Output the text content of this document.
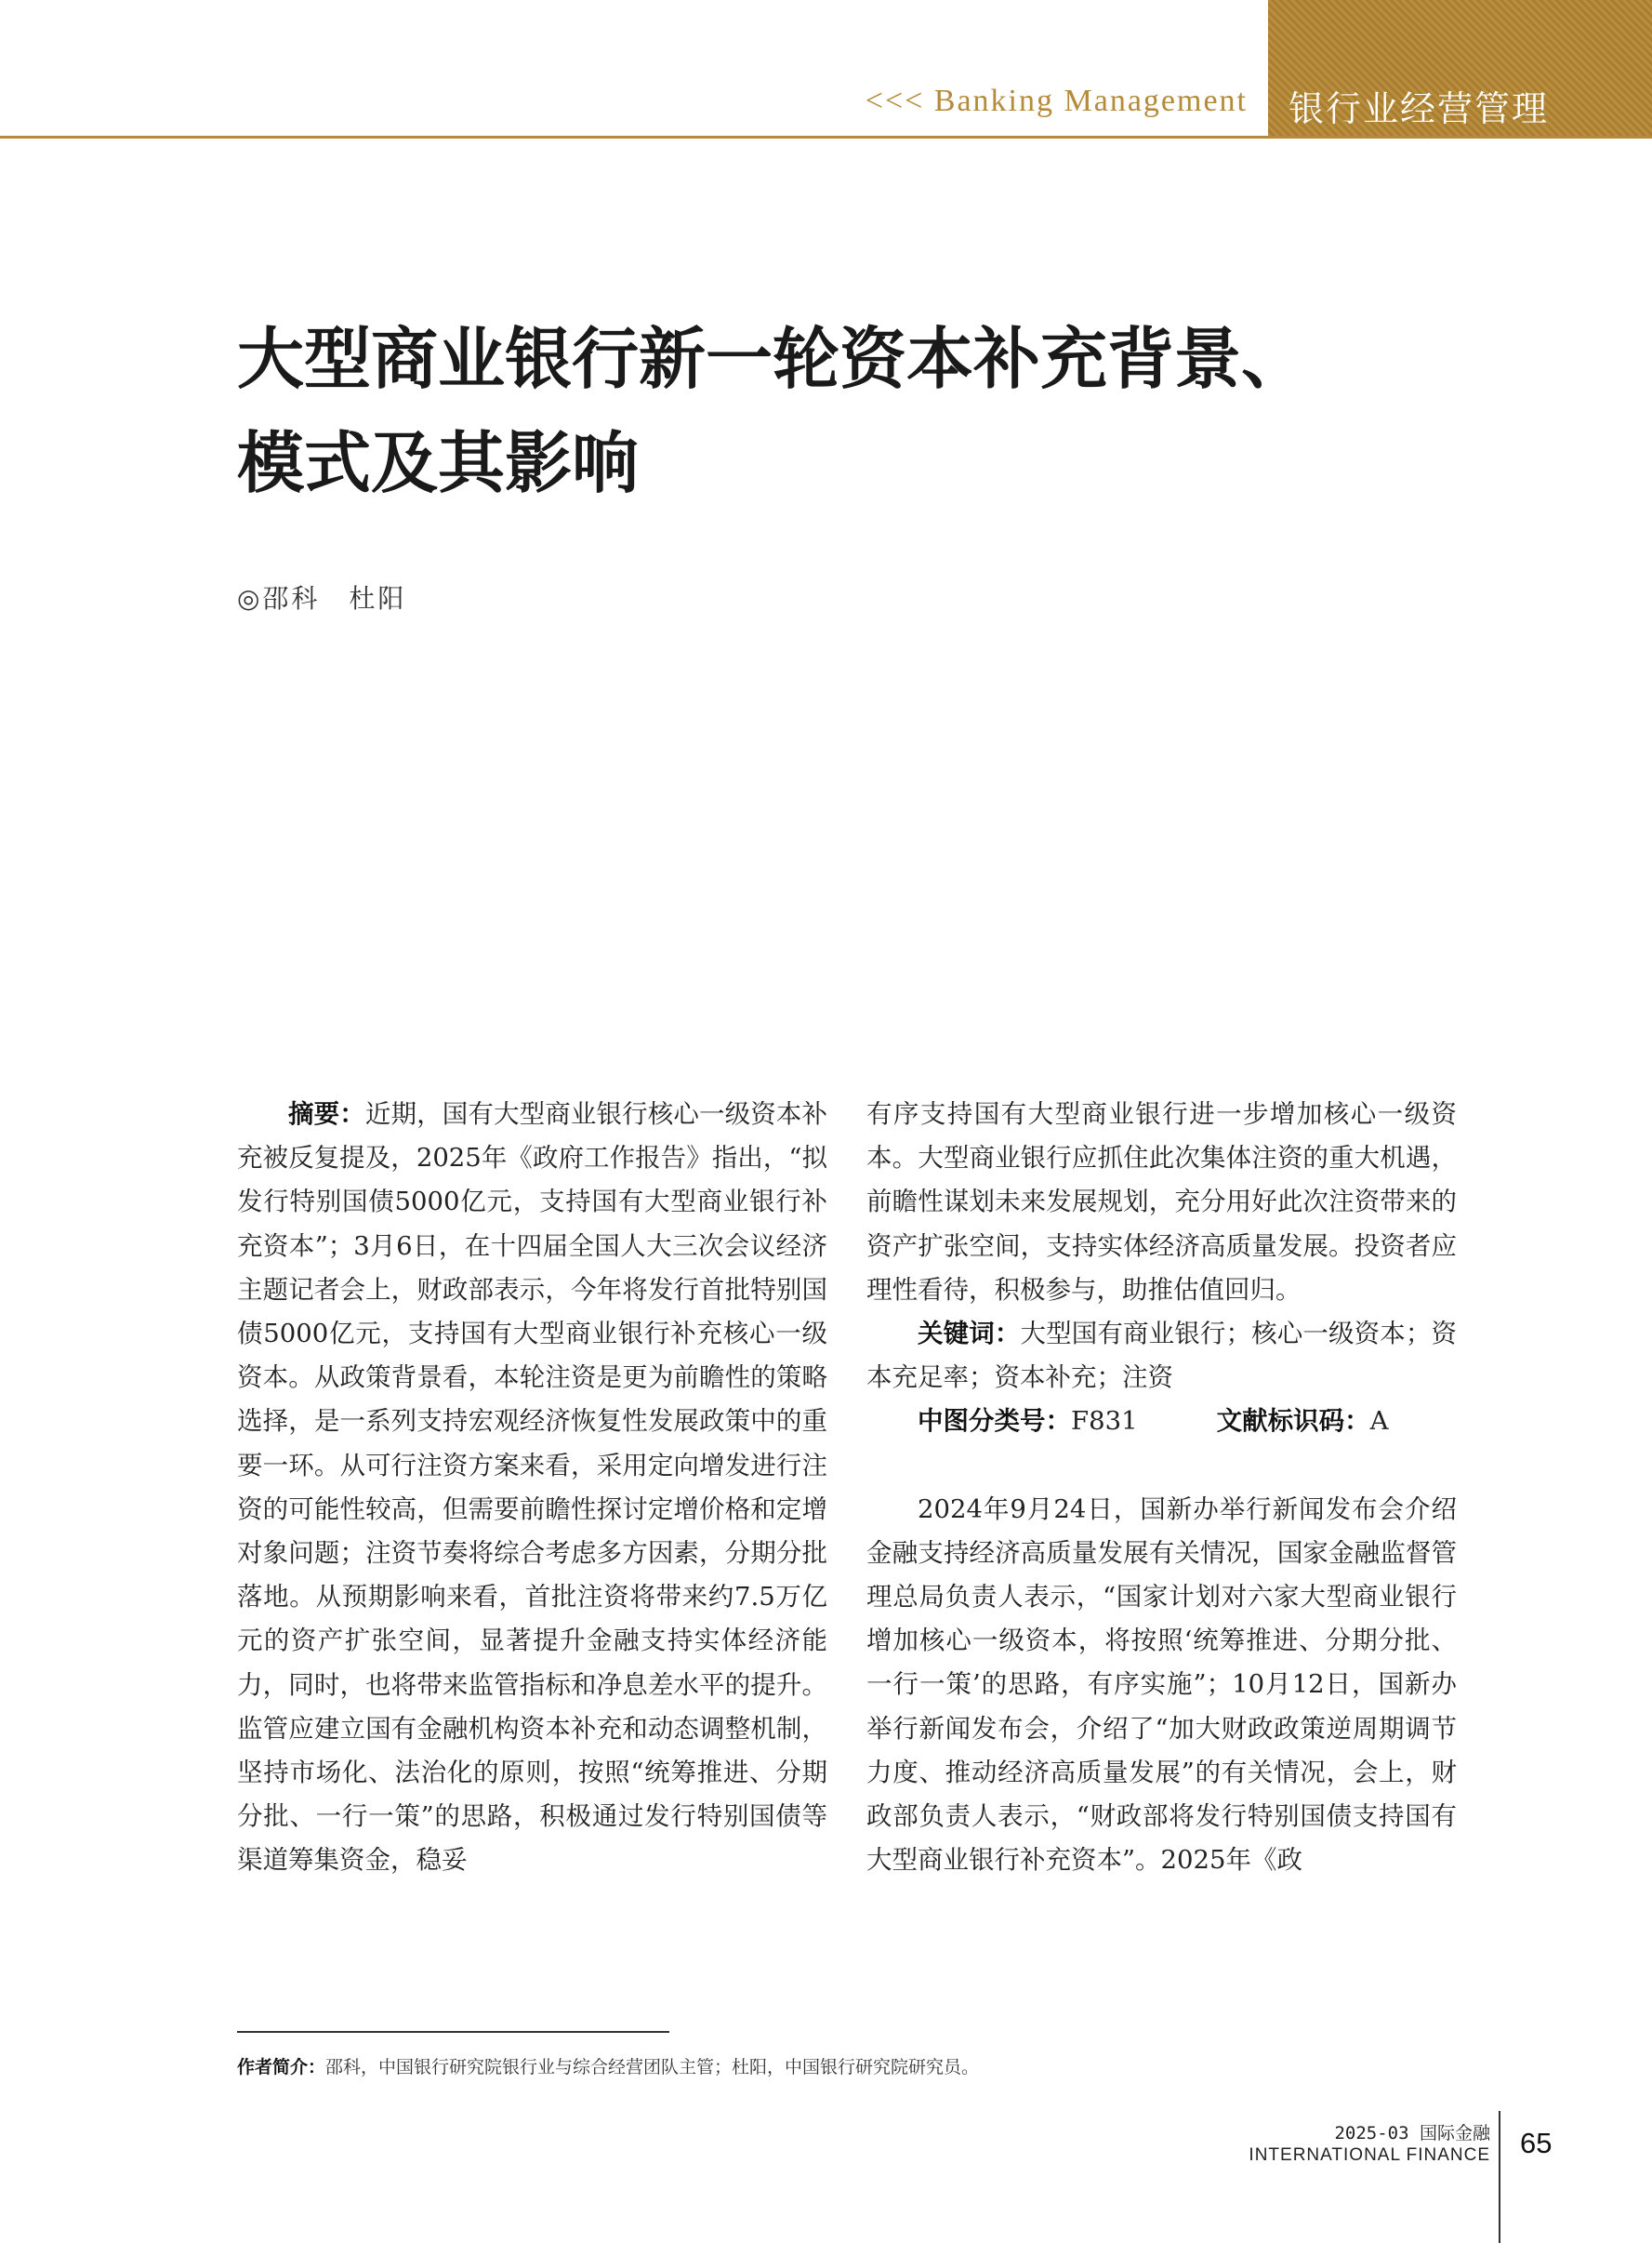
<<< Banking Management 银行业经营管理
大型商业银行新一轮资本补充背景、
模式及其影响
◎邵科　杜阳

摘要：近期，国有大型商业银行核心一级资本补充被反复提及，2025年《政府工作报告》指出，“拟发行特别国债5000亿元，支持国有大型商业银行补充资本”；3月6日，在十四届全国人大三次会议经济主题记者会上，财政部表示，今年将发行首批特别国债5000亿元，支持国有大型商业银行补充核心一级资本。从政策背景看，本轮注资是更为前瞻性的策略选择，是一系列支持宏观经济恢复性发展政策中的重要一环。从可行注资方案来看，采用定向增发进行注资的可能性较高，但需要前瞻性探讨定增价格和定增对象问题；注资节奏将综合考虑多方因素，分期分批落地。从预期影响来看，首批注资将带来约7.5万亿元的资产扩张空间，显著提升金融支持实体经济能力，同时，也将带来监管指标和净息差水平的提升。监管应建立国有金融机构资本补充和动态调整机制，坚持市场化、法治化的原则，按照“统筹推进、分期分批、一行一策”的思路，积极通过发行特别国债等渠道筹集资金，稳妥

有序支持国有大型商业银行进一步增加核心一级资本。大型商业银行应抓住此次集体注资的重大机遇，前瞻性谋划未来发展规划，充分用好此次注资带来的资产扩张空间，支持实体经济高质量发展。投资者应理性看待，积极参与，助推估值回归。

关键词：大型国有商业银行；核心一级资本；资本充足率；资本补充；注资

中图分类号：F831	文献标识码：A

2024年9月24日，国新办举行新闻发布会介绍金融支持经济高质量发展有关情况，国家金融监督管理总局负责人表示，“国家计划对六家大型商业银行增加核心一级资本，将按照‘统筹推进、分期分批、一行一策’的思路，有序实施”；10月12日，国新办举行新闻发布会，介绍了“加大财政政策逆周期调节力度、推动经济高质量发展”的有关情况，会上，财政部负责人表示，“财政部将发行特别国债支持国有大型商业银行补充资本”。2025年《政

作者简介：邵科，中国银行研究院银行业与综合经营团队主管；杜阳，中国银行研究院研究员。
2025-03 国际金融
INTERNATIONAL FINANCE 65
